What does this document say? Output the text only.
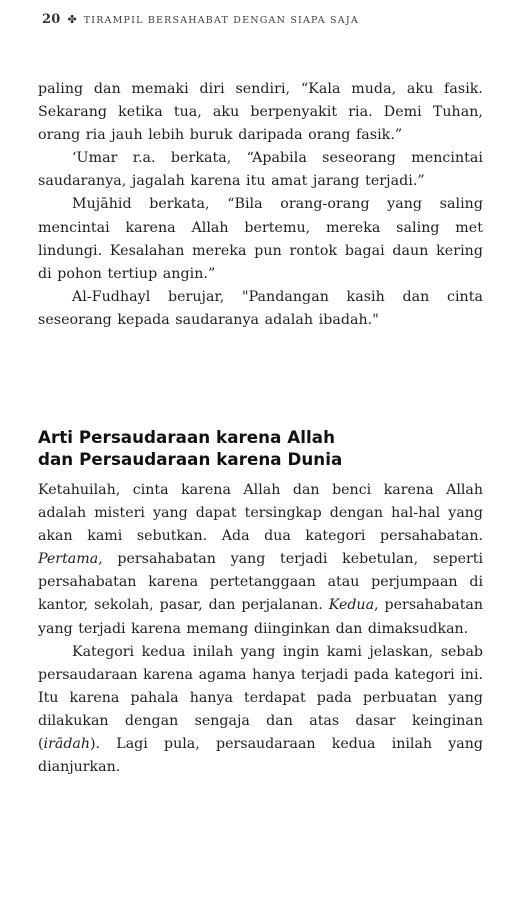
20 ✤ TIRAMPIL BERSAHABAT DENGAN SIAPA SAJA

paling dan memaki diri sendiri, “Kala muda, aku fasik. Sekarang ketika tua, aku berpenyakit ria. Demi Tuhan, orang ria jauh lebih buruk daripada orang fasik.”

‘Umar r.a. berkata, “Apabila seseorang mencintai saudaranya, jagalah karena itu amat jarang terjadi.”

Mujāhid berkata, “Bila orang-orang yang saling mencintai karena Allah bertemu, mereka saling met lindungi. Kesalahan mereka pun rontok bagai daun kering di pohon tertiup angin.”

Al-Fudhayl berujar, "Pandangan kasih dan cinta seseorang kepada saudaranya adalah ibadah."

Arti Persaudaraan karena Allah
dan Persaudaraan karena Dunia

Ketahuilah, cinta karena Allah dan benci karena Allah adalah misteri yang dapat tersingkap dengan hal-hal yang akan kami sebutkan. Ada dua kategori persahabatan. Pertama, persahabatan yang terjadi kebetulan, seperti persahabatan karena pertetanggaan atau perjumpaan di kantor, sekolah, pasar, dan perjalanan. Kedua, persahabatan yang terjadi karena memang diinginkan dan dimaksudkan.

Kategori kedua inilah yang ingin kami jelaskan, sebab persaudaraan karena agama hanya terjadi pada kategori ini. Itu karena pahala hanya terdapat pada perbuatan yang dilakukan dengan sengaja dan atas dasar keinginan (irādah). Lagi pula, persaudaraan kedua inilah yang dianjurkan.
